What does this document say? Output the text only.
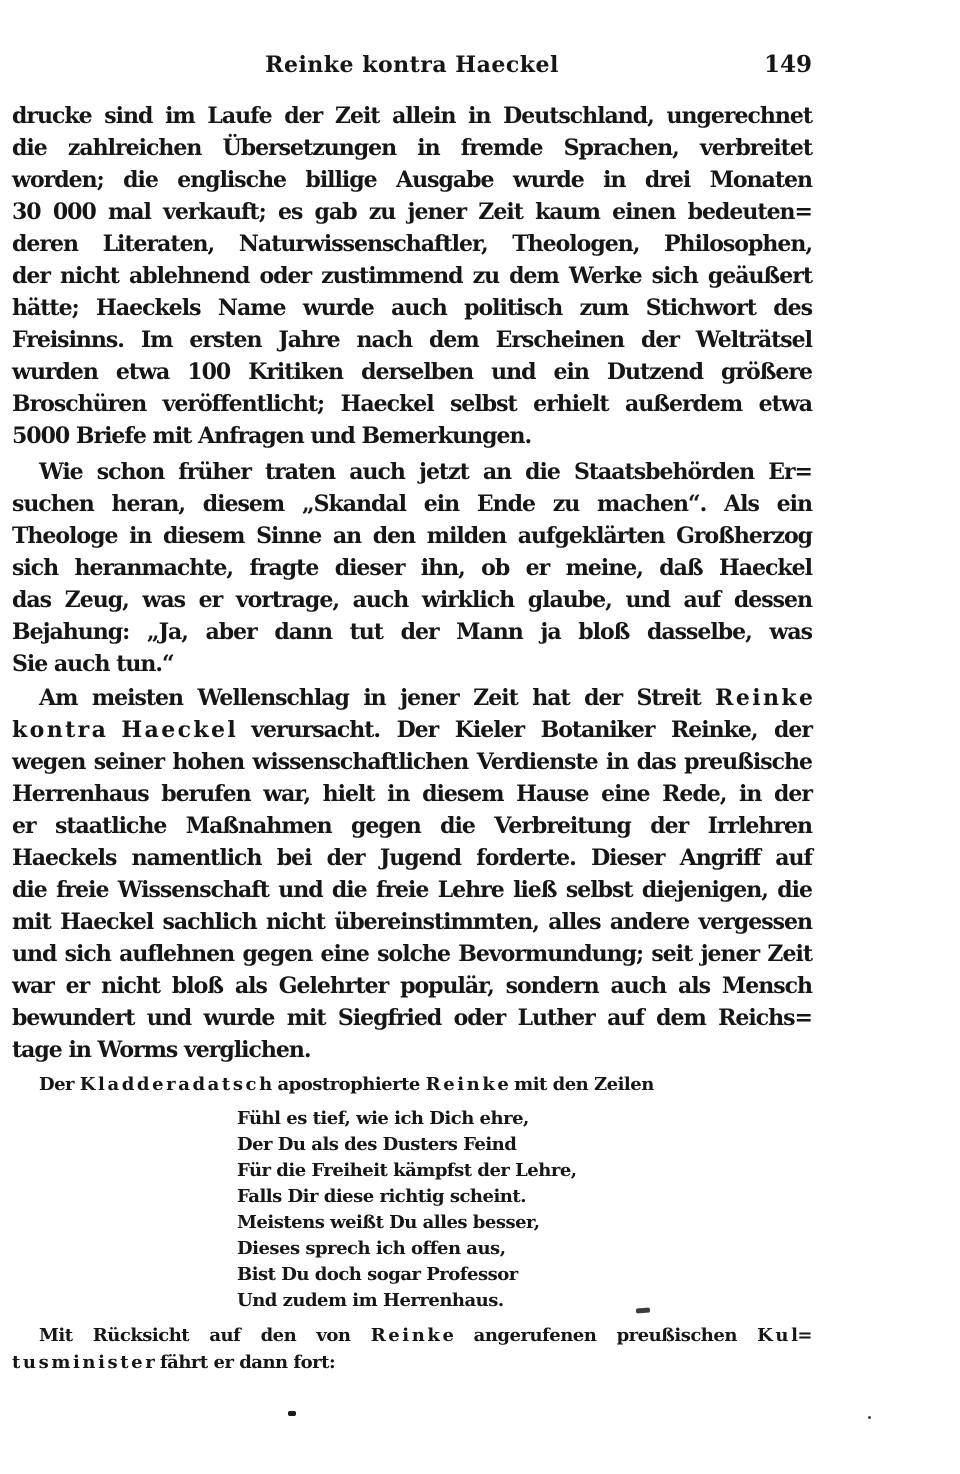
Reinke kontra Haeckel	149
drucke sind im Laufe der Zeit allein in Deutschland, ungerechnet
die zahlreichen Übersetzungen in fremde Sprachen, verbreitet
worden; die englische billige Ausgabe wurde in drei Monaten
30 000 mal verkauft; es gab zu jener Zeit kaum einen bedeuten=
deren Literaten, Naturwissenschaftler, Theologen, Philosophen,
der nicht ablehnend oder zustimmend zu dem Werke sich geäußert
hätte; Haeckels Name wurde auch politisch zum Stichwort des
Freisinns. Im ersten Jahre nach dem Erscheinen der Welträtsel
wurden etwa 100 Kritiken derselben und ein Dutzend größere
Broschüren veröffentlicht; Haeckel selbst erhielt außerdem etwa
5000 Briefe mit Anfragen und Bemerkungen.
Wie schon früher traten auch jetzt an die Staatsbehörden Er=
suchen heran, diesem „Skandal ein Ende zu machen“. Als ein
Theologe in diesem Sinne an den milden aufgeklärten Großherzog
sich heranmachte, fragte dieser ihn, ob er meine, daß Haeckel
das Zeug, was er vortrage, auch wirklich glaube, und auf dessen
Bejahung: „Ja, aber dann tut der Mann ja bloß dasselbe, was
Sie auch tun.“
Am meisten Wellenschlag in jener Zeit hat der Streit R e i n k e
k o n t r a H a e c k e l verursacht. Der Kieler Botaniker Reinke, der
wegen seiner hohen wissenschaftlichen Verdienste in das preußische
Herrenhaus berufen war, hielt in diesem Hause eine Rede, in der
er staatliche Maßnahmen gegen die Verbreitung der Irrlehren
Haeckels namentlich bei der Jugend forderte. Dieser Angriff auf
die freie Wissenschaft und die freie Lehre ließ selbst diejenigen, die
mit Haeckel sachlich nicht übereinstimmten, alles andere vergessen
und sich auflehnen gegen eine solche Bevormundung; seit jener Zeit
war er nicht bloß als Gelehrter populär, sondern auch als Mensch
bewundert und wurde mit Siegfried oder Luther auf dem Reichs=
tage in Worms verglichen.
Der K l a d d e r a d a t s c h apostrophierte R e i n k e mit den Zeilen
Fühl es tief, wie ich Dich ehre,
Der Du als des Dusters Feind
Für die Freiheit kämpfst der Lehre,
Falls Dir diese richtig scheint.
Meistens weißt Du alles besser,
Dieses sprech ich offen aus,
Bist Du doch sogar Professor
Und zudem im Herrenhaus.
Mit Rücksicht auf den von R e i n k e angerufenen preußischen K u l=
t u s m i n i s t e r fährt er dann fort:
